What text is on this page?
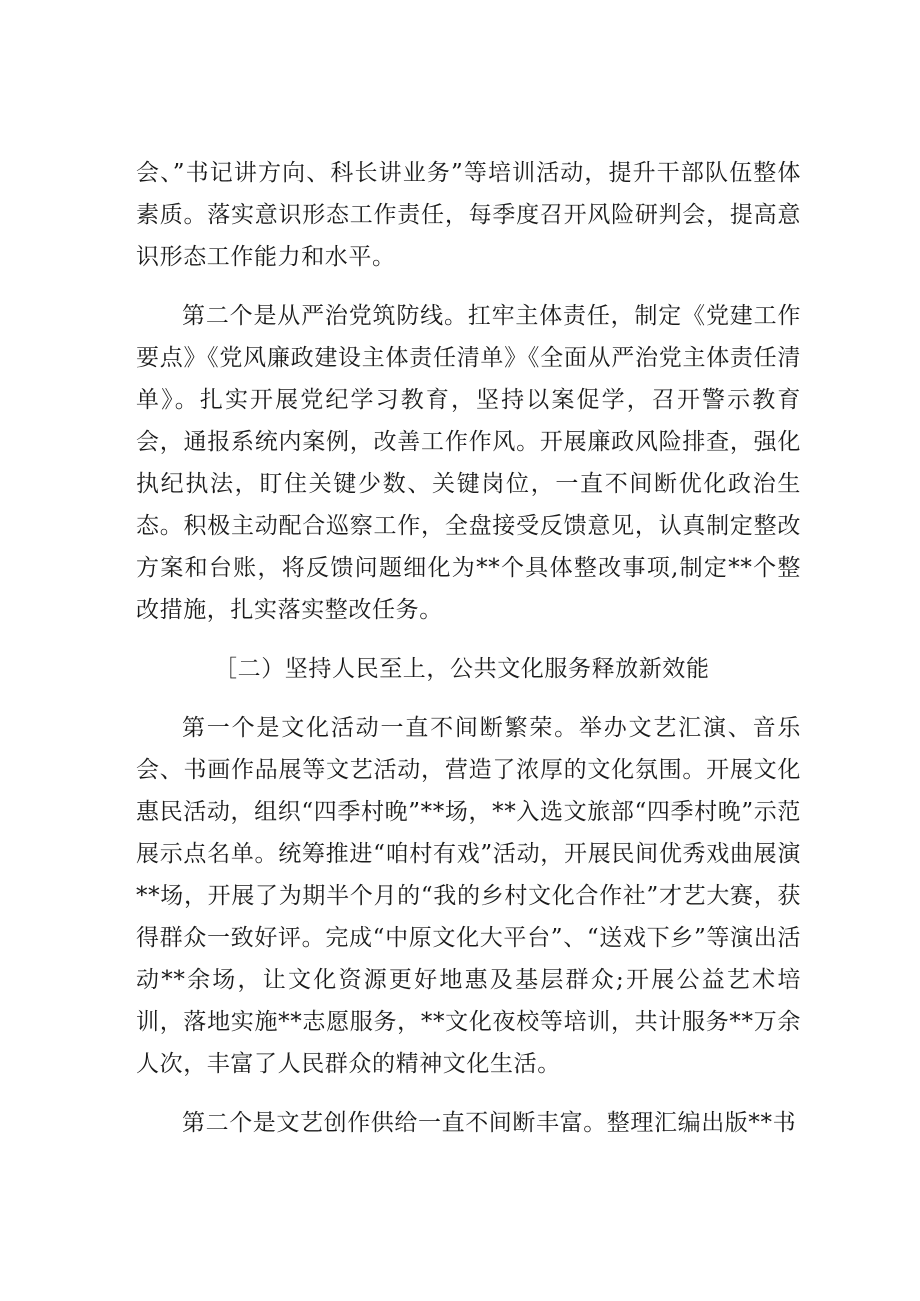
会、”书记讲方向、科长讲业务”等培训活动，提升干部队伍整体素质。落实意识形态工作责任，每季度召开风险研判会，提高意识形态工作能力和水平。

第二个是从严治党筑防线。扛牢主体责任，制定《党建工作要点》《党风廉政建设主体责任清单》《全面从严治党主体责任清单》。扎实开展党纪学习教育，坚持以案促学，召开警示教育会，通报系统内案例，改善工作作风。开展廉政风险排查，强化执纪执法，盯住关键少数、关键岗位，一直不间断优化政治生态。积极主动配合巡察工作，全盘接受反馈意见，认真制定整改方案和台账，将反馈问题细化为**个具体整改事项,制定**个整改措施，扎实落实整改任务。

［二）坚持人民至上，公共文化服务释放新效能

第一个是文化活动一直不间断繁荣。举办文艺汇演、音乐会、书画作品展等文艺活动，营造了浓厚的文化氛围。开展文化惠民活动，组织“四季村晚”**场，**入选文旅部“四季村晚”示范展示点名单。统筹推进“咱村有戏”活动，开展民间优秀戏曲展演**场，开展了为期半个月的“我的乡村文化合作社”才艺大赛，获得群众一致好评。完成“中原文化大平台”、“送戏下乡”等演出活动**余场，让文化资源更好地惠及基层群众;开展公益艺术培训，落地实施**志愿服务，**文化夜校等培训，共计服务**万余人次，丰富了人民群众的精神文化生活。

第二个是文艺创作供给一直不间断丰富。整理汇编出版**书
